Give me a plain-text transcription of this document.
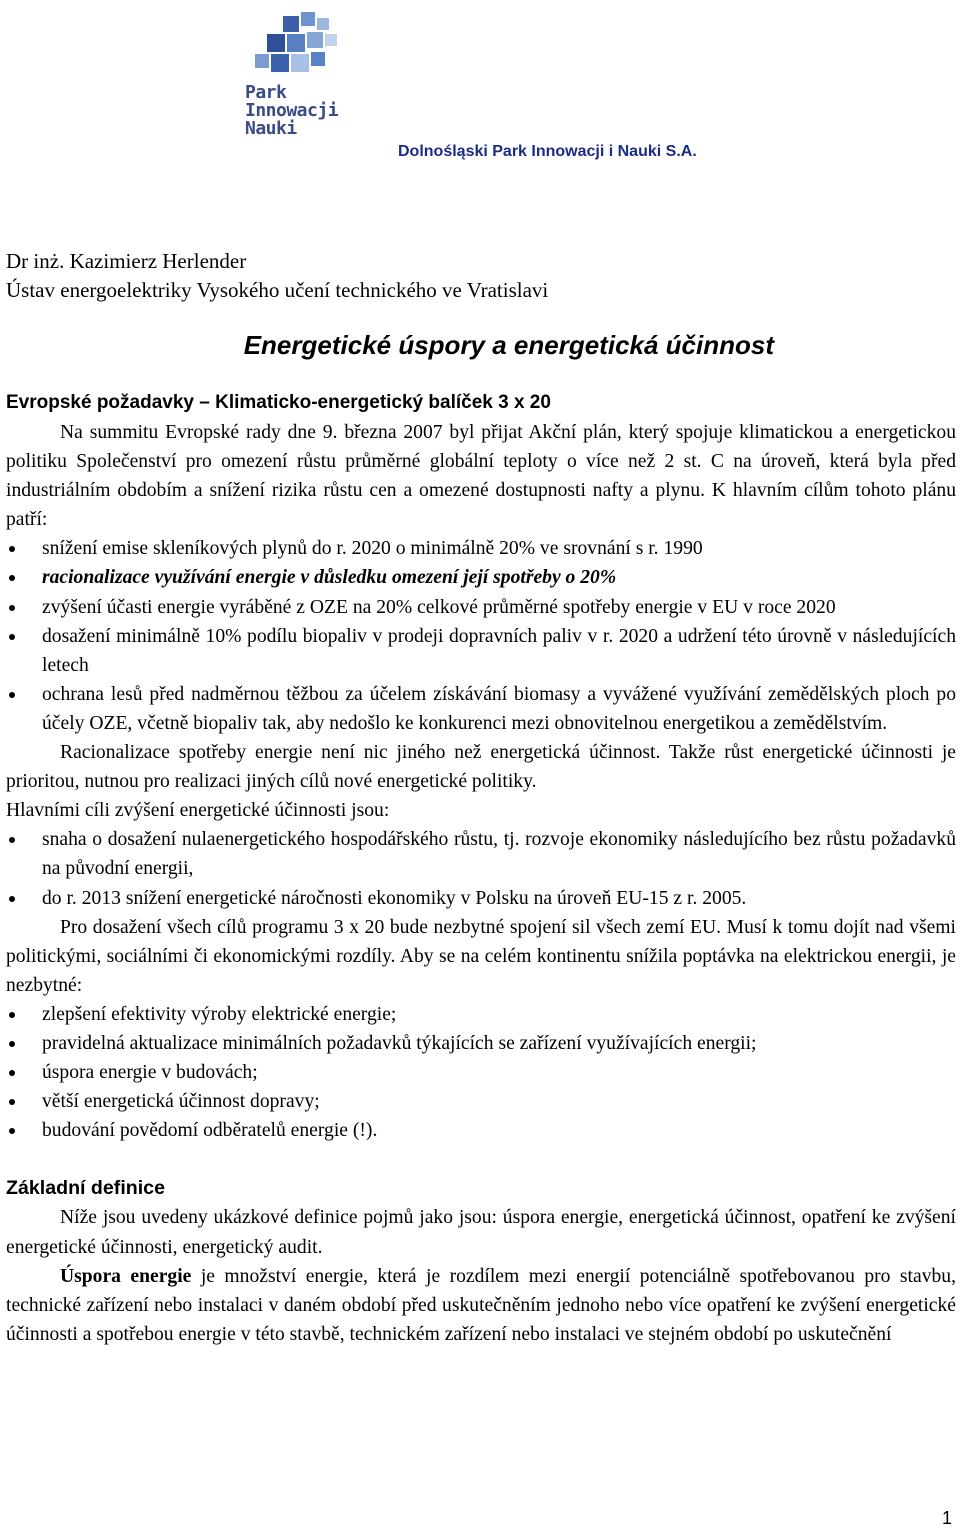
Park
Innowacji
Nauki
Dolnośląski Park Innowacji i Nauki S.A.
Dr inż. Kazimierz Herlender
Ústav energoelektriky Vysokého učení technického ve Vratislavi
Energetické úspory a energetická účinnost
Evropské požadavky – Klimaticko-energetický balíček 3 x 20

Na summitu Evropské rady dne 9. března 2007 byl přijat Akční plán, který spojuje klimatickou a energetickou politiku Společenství pro omezení růstu průměrné globální teploty o více než 2 st. C na úroveň, která byla před industriálním obdobím a snížení rizika růstu cen a omezené dostupnosti nafty a plynu. K hlavním cílům tohoto plánu patří:

snížení emise skleníkových plynů do r. 2020 o minimálně 20% ve srovnání s r. 1990
racionalizace využívání energie v důsledku omezení její spotřeby o 20%
zvýšení účasti energie vyráběné z OZE na 20% celkové průměrné spotřeby energie v EU v roce 2020
dosažení minimálně 10% podílu biopaliv v prodeji dopravních paliv v r. 2020 a udržení této úrovně v následujících letech
ochrana lesů před nadměrnou těžbou za účelem získávání biomasy a vyvážené využívání zemědělských ploch po účely OZE, včetně biopaliv tak, aby nedošlo ke konkurenci mezi obnovitelnou energetikou a zemědělstvím.

Racionalizace spotřeby energie není nic jiného než energetická účinnost. Takže růst energetické účinnosti je prioritou, nutnou pro realizaci jiných cílů nové energetické politiky.

Hlavními cíli zvýšení energetické účinnosti jsou:

snaha o dosažení nulaenergetického hospodářského růstu, tj. rozvoje ekonomiky následujícího bez růstu požadavků na původní energii,
do r. 2013 snížení energetické náročnosti ekonomiky v Polsku na úroveň EU-15 z r. 2005.

Pro dosažení všech cílů programu 3 x 20 bude nezbytné spojení sil všech zemí EU. Musí k tomu dojít nad všemi politickými, sociálními či ekonomickými rozdíly. Aby se na celém kontinentu snížila poptávka na elektrickou energii, je nezbytné:

zlepšení efektivity výroby elektrické energie;
pravidelná aktualizace minimálních požadavků týkajících se zařízení využívajících energii;
úspora energie v budovách;
větší energetická účinnost dopravy;
budování povědomí odběratelů energie (!).

Základní definice

Níže jsou uvedeny ukázkové definice pojmů jako jsou: úspora energie, energetická účinnost, opatření ke zvýšení energetické účinnosti, energetický audit.

Úspora energie je množství energie, která je rozdílem mezi energií potenciálně spotřebovanou pro stavbu, technické zařízení nebo instalaci v daném období před uskutečněním jednoho nebo více opatření ke zvýšení energetické účinnosti a spotřebou energie v této stavbě, technickém zařízení nebo instalaci ve stejném období po uskutečnění

1
